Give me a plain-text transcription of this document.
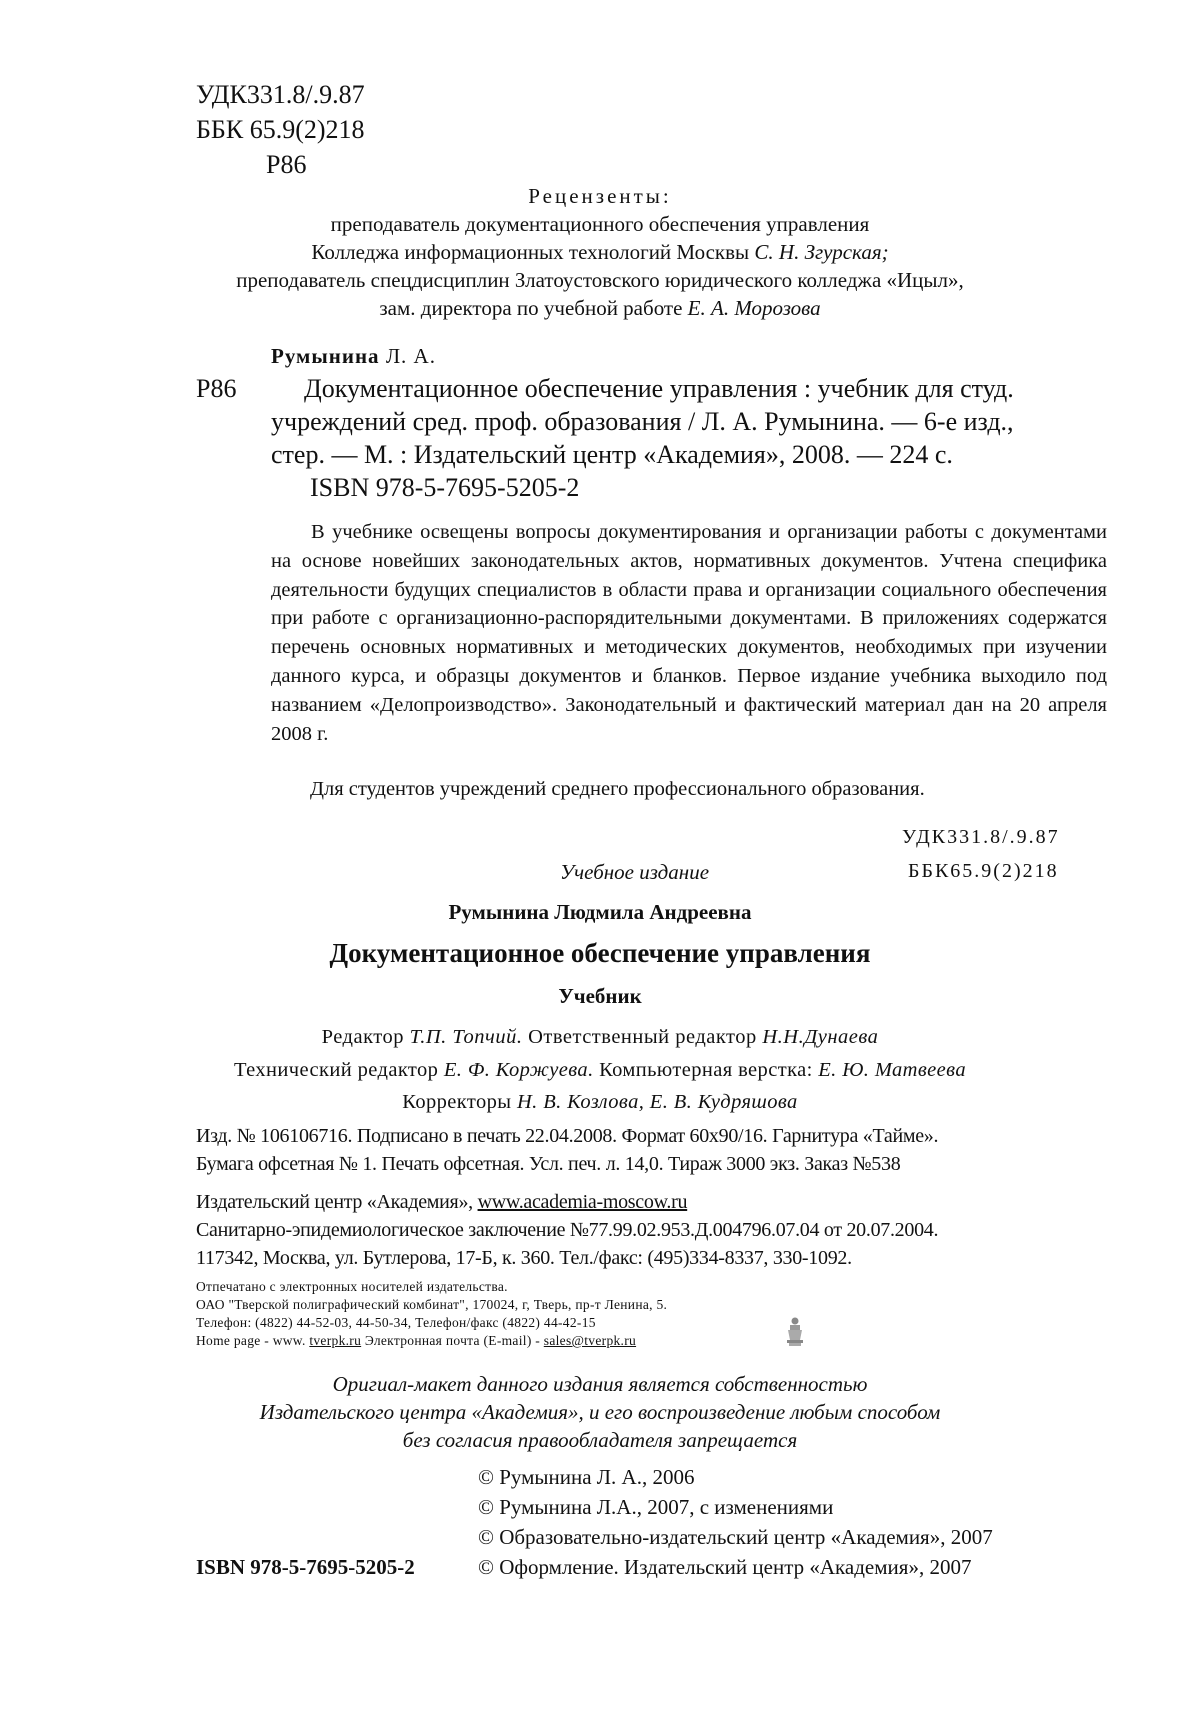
УДК331.8/.9.87
ББК 65.9(2)218
Р86
Рецензенты:
преподаватель документационного обеспечения управления
Колледжа информационных технологий Москвы С. Н. Згурская;
преподаватель спецдисциплин Златоустовского юридического колледжа «Ицыл»,
зам. директора по учебной работе Е. А. Морозова
Румынина Л. А.
Р86	Документационное обеспечение управления : учебник для студ.
учреждений сред. проф. образования / Л. А. Румынина. — 6-е изд.,
стер. — М. : Издательский центр «Академия», 2008. — 224 с.
ISBN 978-5-7695-5205-2

В учебнике освещены вопросы документирования и организации работы с документами на основе новейших законодательных актов, нормативных документов. Учтена специфика деятельности будущих специалистов в области права и организации социального обеспечения при работе с организационно-распорядительными документами. В приложениях содержатся перечень основных нормативных и методических документов, необходимых при изучении данного курса, и образцы документов и бланков. Первое издание учебника выходило под названием «Делопроизводство». Законодательный и фактический материал дан на 20 апреля 2008 г.

Для студентов учреждений среднего профессионального образования.
УДК331.8/.9.87
Учебное издание	ББК65.9(2)218
Румынина Людмила Андреевна
Документационное обеспечение управления
Учебник
Редактор Т.П. Топчий. Ответственный редактор Н.Н.Дунаева
Технический редактор Е. Ф. Коржуева. Компьютерная верстка: Е. Ю. Матвеева
Корректоры Н. В. Козлова, Е. В. Кудряшова
Изд. № 106106716. Подписано в печать 22.04.2008. Формат 60х90/16. Гарнитура «Тайме».
Бумага офсетная № 1. Печать офсетная. Усл. печ. л. 14,0. Тираж 3000 экз. Заказ №538
Издательский центр «Академия», www.academia-moscow.ru
Санитарно-эпидемиологическое заключение №77.99.02.953.Д.004796.07.04 от 20.07.2004.
117342, Москва, ул. Бутлерова, 17-Б, к. 360. Тел./факс: (495)334-8337, 330-1092.
Отпечатано с электронных носителей издательства.
ОАО "Тверской полиграфический комбинат", 170024, г, Тверь, пр-т Ленина, 5.
Телефон: (4822) 44-52-03, 44-50-34, Телефон/факс (4822) 44-42-15
Home page - www. tverpk.ru Электронная почта (E-mail) - sales@tverpk.ru
Оригиал-макет данного издания является собственностью
Издательского центра «Академия», и его воспроизведение любым способом
без согласия правообладателя запрещается
© Румынина Л. А., 2006
© Румынина Л.А., 2007, с изменениями
© Образовательно-издательский центр «Академия», 2007
ISBN 978-5-7695-5205-2	© Оформление. Издательский центр «Академия», 2007
